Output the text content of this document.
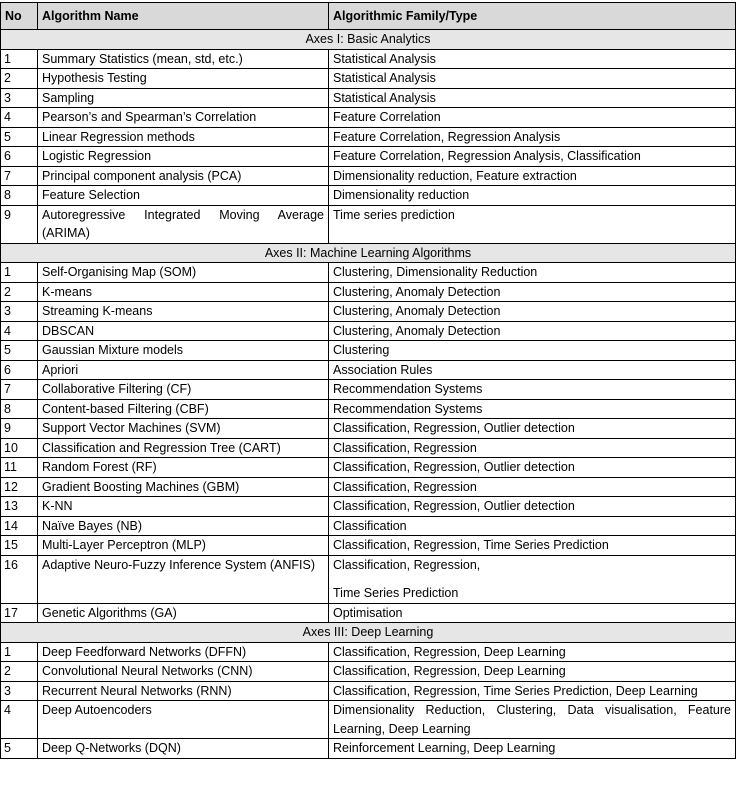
No	Algorithm Name	Algorithmic Family/Type
Axes I: Basic Analytics		
1	Summary Statistics (mean, std, etc.)	Statistical Analysis
2	Hypothesis Testing	Statistical Analysis
3	Sampling	Statistical Analysis
4	Pearson’s and Spearman’s Correlation	Feature Correlation
5	Linear Regression methods	Feature Correlation, Regression Analysis
6	Logistic Regression	Feature Correlation, Regression Analysis, Classification
7	Principal component analysis (PCA)	Dimensionality reduction, Feature extraction
8	Feature Selection	Dimensionality reduction
9	Autoregressive Integrated Moving Average (ARIMA)	Time series prediction
Axes II: Machine Learning Algorithms		
1	Self-Organising Map (SOM)	Clustering, Dimensionality Reduction
2	K-means	Clustering, Anomaly Detection
3	Streaming K-means	Clustering, Anomaly Detection
4	DBSCAN	Clustering, Anomaly Detection
5	Gaussian Mixture models	Clustering
6	Apriori	Association Rules
7	Collaborative Filtering (CF)	Recommendation Systems
8	Content-based Filtering (CBF)	Recommendation Systems
9	Support Vector Machines (SVM)	Classification, Regression, Outlier detection
10	Classification and Regression Tree (CART)	Classification, Regression
11	Random Forest (RF)	Classification, Regression, Outlier detection
12	Gradient Boosting Machines (GBM)	Classification, Regression
13	K-NN	Classification, Regression, Outlier detection
14	Naïve Bayes (NB)	Classification
15	Multi-Layer Perceptron (MLP)	Classification, Regression, Time Series Prediction
16	Adaptive Neuro-Fuzzy Inference System (ANFIS)	Classification, Regression,
Time Series Prediction
17	Genetic Algorithms (GA)	Optimisation
Axes III: Deep Learning		
1	Deep Feedforward Networks (DFFN)	Classification, Regression, Deep Learning
2	Convolutional Neural Networks (CNN)	Classification, Regression, Deep Learning
3	Recurrent Neural Networks (RNN)	Classification, Regression, Time Series Prediction, Deep Learning
4	Deep Autoencoders	Dimensionality Reduction, Clustering, Data visualisation, Feature Learning, Deep Learning
5	Deep Q-Networks (DQN)	Reinforcement Learning, Deep Learning
